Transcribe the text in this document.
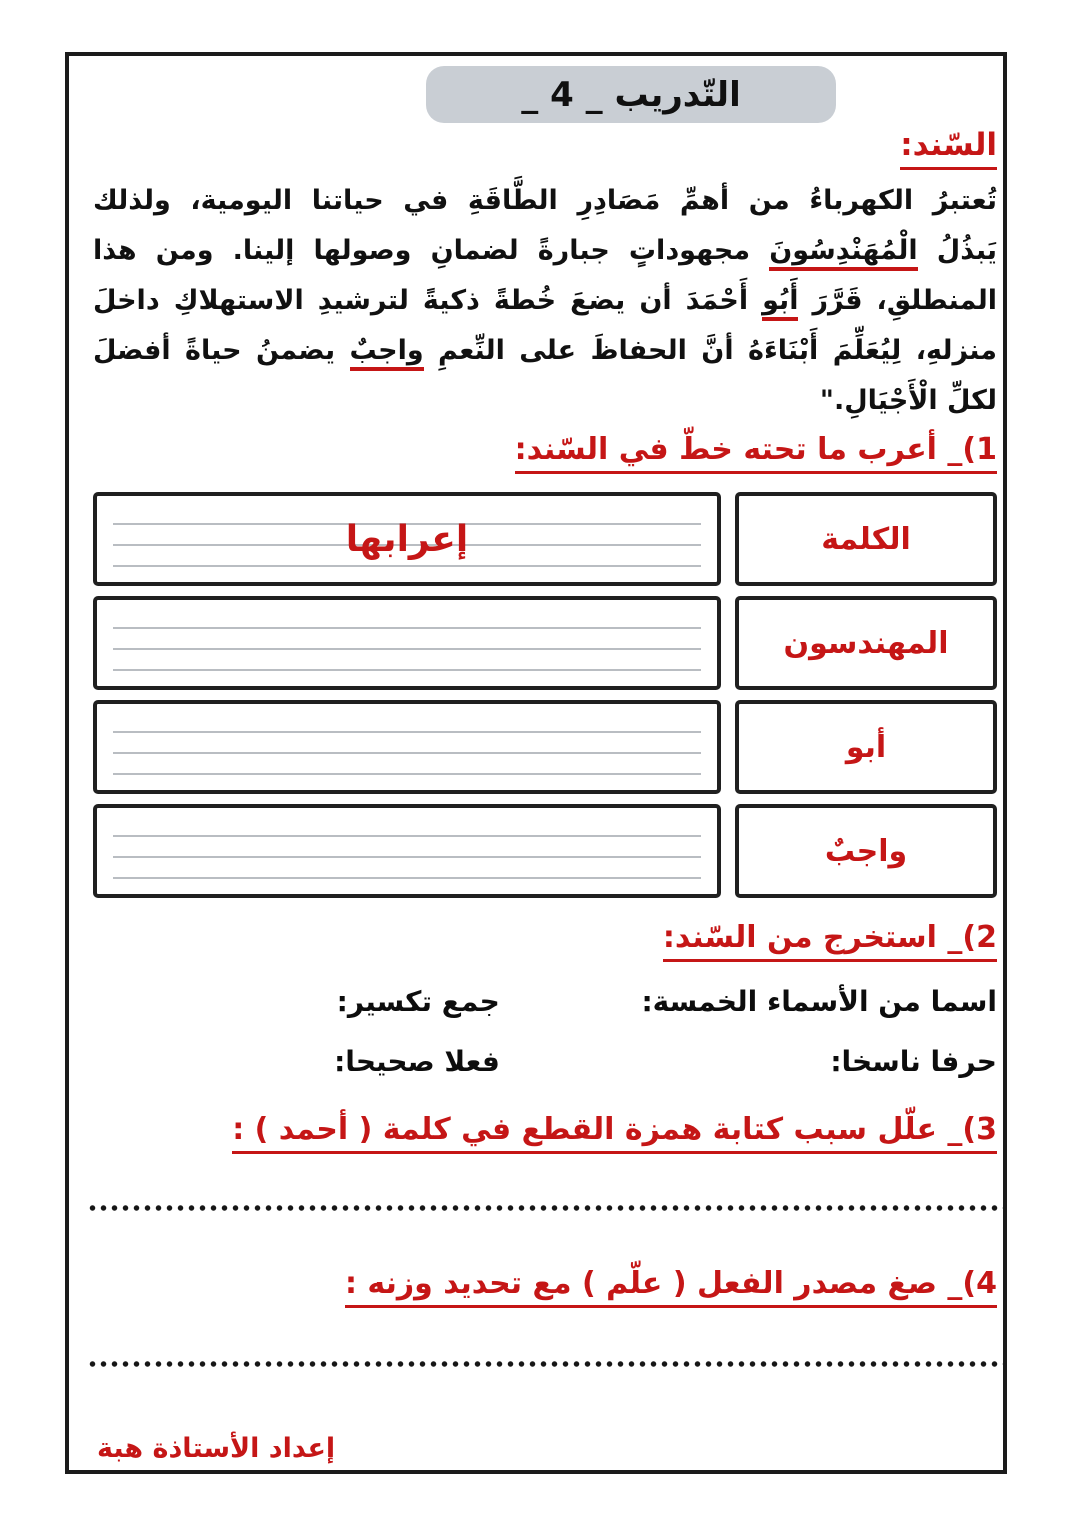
التّدريب _ 4 _
السّند:
تُعتبرُ الكهرباءُ من أهمِّ مَصَادِرِ الطَّاقَةِ في حياتنا اليومية، ولذلك
يَبذُلُ الْمُهَنْدِسُونَ مجهوداتٍ جبارةً لضمانِ وصولها إلينا. ومن هذا
المنطلقِ، قَرَّرَ أَبُو أَحْمَدَ أن يضعَ خُطةً ذكيةً لترشيدِ الاستهلاكِ داخلَ
منزلهِ، لِيُعَلِّمَ أَبْنَاءَهُ أنَّ الحفاظَ على النِّعمِ واجبٌ يضمنُ حياةً أفضلَ
لكلِّ الْأَجْيَالِ."
1)_ أعرب ما تحته خطّ في السّند:
الكلمة
إعرابها
المهندسون
أبو
واجبٌ
2)_ استخرج من السّند:
اسما من الأسماء الخمسة:
جمع تكسير:
حرفا ناسخا:
فعلا صحيحا:
3)_ علّل سبب كتابة همزة القطع في كلمة ( أحمد ) :
4)_ صغ مصدر الفعل ( علّم ) مع تحديد وزنه :
إعداد الأستاذة هبة
